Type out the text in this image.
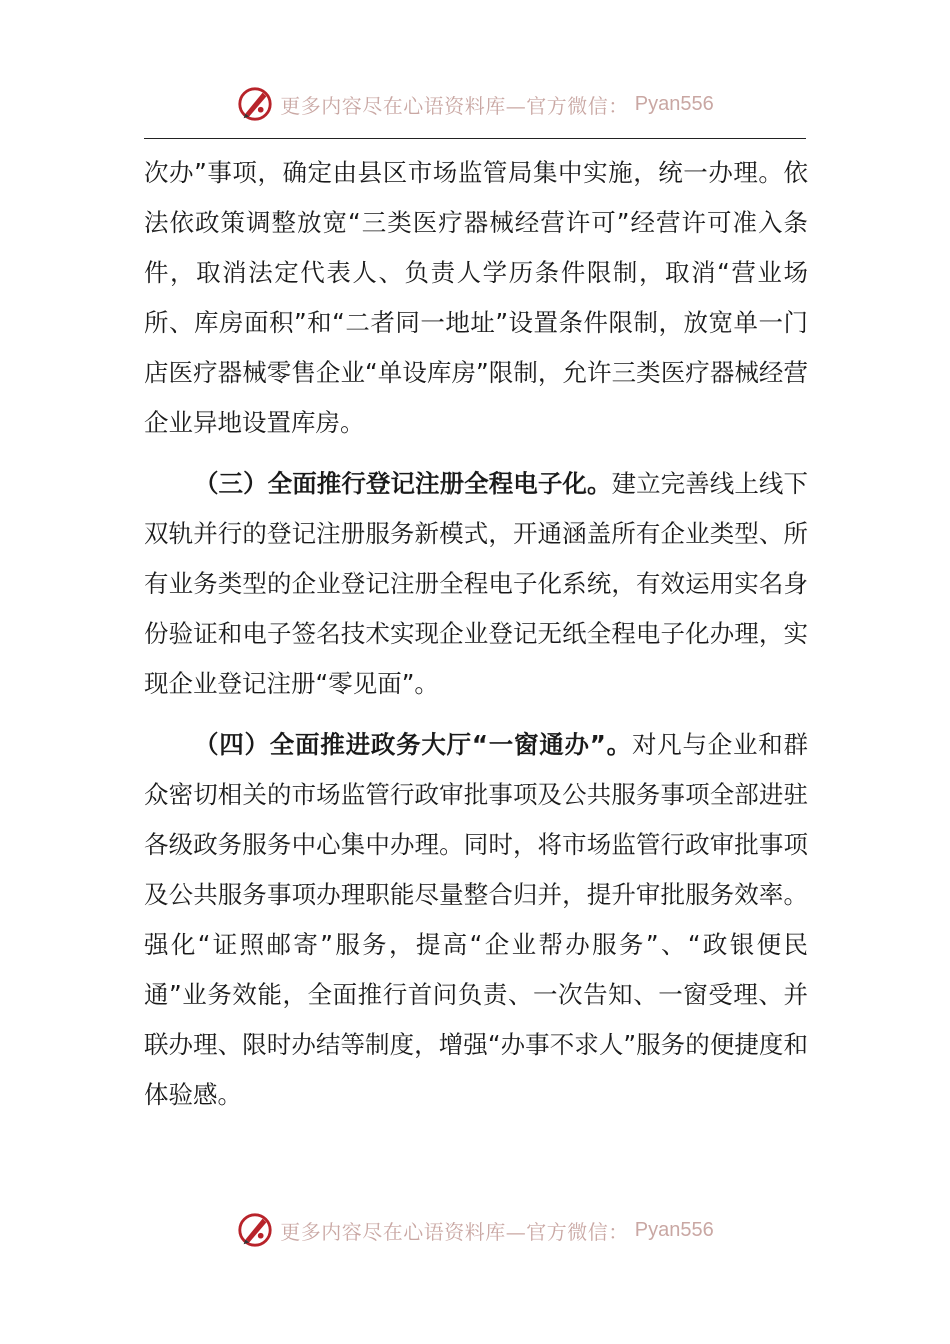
更多内容尽在心语资料库—官方微信： Pyan556

次办”事项，确定由县区市场监管局集中实施，统一办理。依法依政策调整放宽“三类医疗器械经营许可”经营许可准入条件，取消法定代表人、负责人学历条件限制，取消“营业场所、库房面积”和“二者同一地址”设置条件限制，放宽单一门店医疗器械零售企业“单设库房”限制，允许三类医疗器械经营企业异地设置库房。

（三）全面推行登记注册全程电子化。建立完善线上线下双轨并行的登记注册服务新模式，开通涵盖所有企业类型、所有业务类型的企业登记注册全程电子化系统，有效运用实名身份验证和电子签名技术实现企业登记无纸全程电子化办理，实现企业登记注册“零见面”。

（四）全面推进政务大厅“一窗通办”。对凡与企业和群众密切相关的市场监管行政审批事项及公共服务事项全部进驻各级政务服务中心集中办理。同时，将市场监管行政审批事项及公共服务事项办理职能尽量整合归并，提升审批服务效率。强化“证照邮寄”服务，提高“企业帮办服务”、“政银便民通”业务效能，全面推行首问负责、一次告知、一窗受理、并联办理、限时办结等制度，增强“办事不求人”服务的便捷度和体验感。

更多内容尽在心语资料库—官方微信： Pyan556
